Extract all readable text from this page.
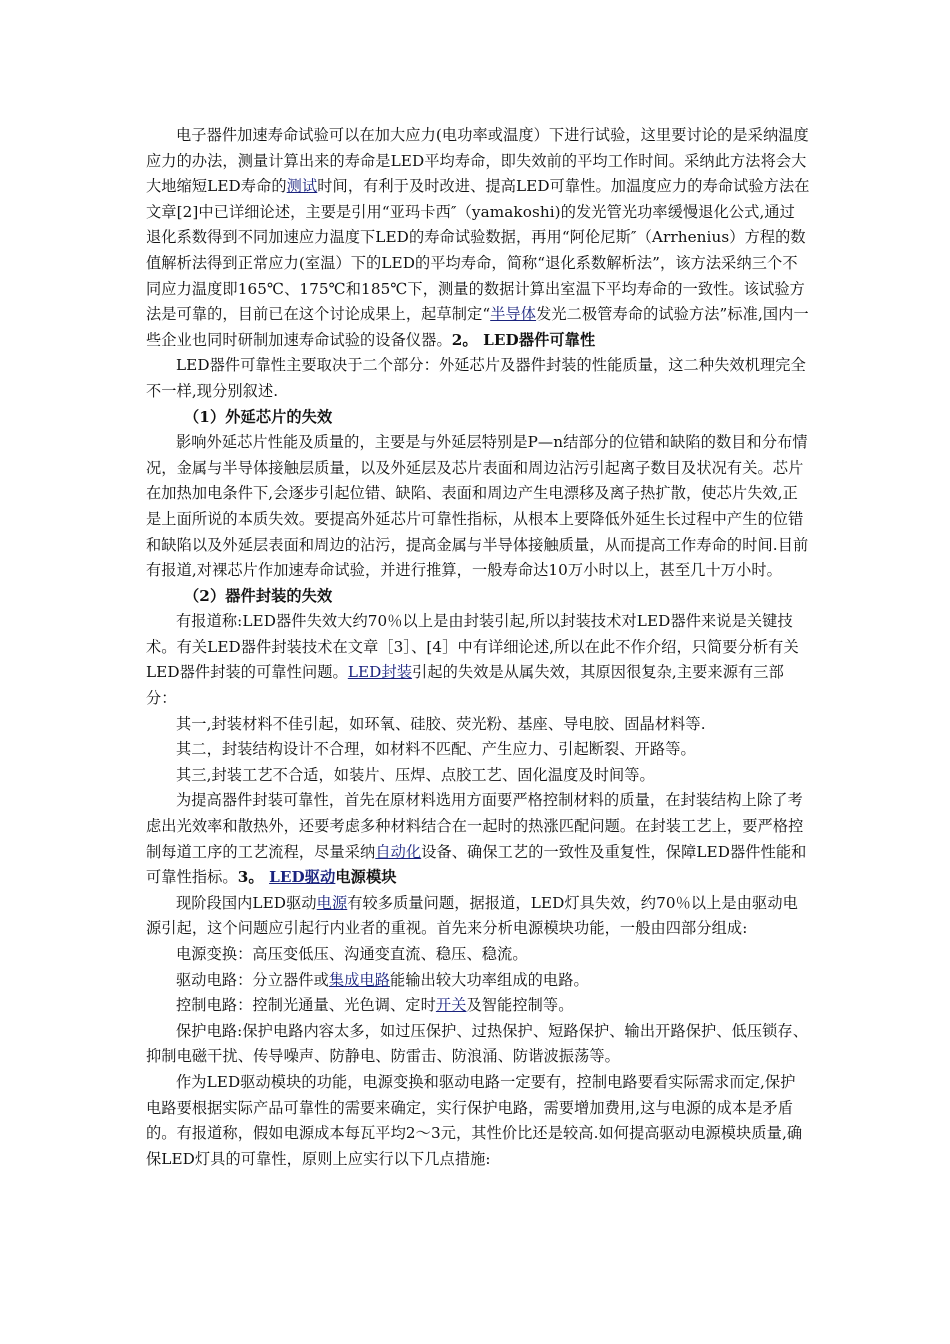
电子器件加速寿命试验可以在加大应力(电功率或温度）下进行试验，这里要讨论的是采纳温度应力的办法，测量计算出来的寿命是LED平均寿命，即失效前的平均工作时间。采纳此方法将会大大地缩短LED寿命的测试时间，有利于及时改进、提高LED可靠性。加温度应力的寿命试验方法在文章[2]中已详细论述，主要是引用“亚玛卡西″（yamakoshi)的发光管光功率缓慢退化公式,通过退化系数得到不同加速应力温度下LED的寿命试验数据，再用“阿伦尼斯″（Arrhenius）方程的数值解析法得到正常应力(室温）下的LED的平均寿命，简称“退化系数解析法”，该方法采纳三个不同应力温度即165℃、175℃和185℃下，测量的数据计算出室温下平均寿命的一致性。该试验方法是可靠的，目前已在这个讨论成果上，起草制定“半导体发光二极管寿命的试验方法”标准,国内一些企业也同时研制加速寿命试验的设备仪器。2。 LED器件可靠性

LED器件可靠性主要取决于二个部分：外延芯片及器件封装的性能质量，这二种失效机理完全不一样,现分别叙述.

（1）外延芯片的失效

影响外延芯片性能及质量的，主要是与外延层特别是P—n结部分的位错和缺陷的数目和分布情况，金属与半导体接触层质量，以及外延层及芯片表面和周边沾污引起离子数目及状况有关。芯片在加热加电条件下,会逐步引起位错、缺陷、表面和周边产生电漂移及离子热扩散，使芯片失效,正是上面所说的本质失效。要提高外延芯片可靠性指标，从根本上要降低外延生长过程中产生的位错和缺陷以及外延层表面和周边的沾污，提高金属与半导体接触质量，从而提高工作寿命的时间.目前有报道,对裸芯片作加速寿命试验，并进行推算，一般寿命达10万小时以上，甚至几十万小时。

（2）器件封装的失效

有报道称:LED器件失效大约70％以上是由封装引起,所以封装技术对LED器件来说是关键技术。有关LED器件封装技术在文章［3］、[4］中有详细论述,所以在此不作介绍，只简要分析有关LED器件封装的可靠性问题。LED封装引起的失效是从属失效，其原因很复杂,主要来源有三部分：

其一,封装材料不佳引起，如环氧、硅胶、荧光粉、基座、导电胶、固晶材料等.

其二，封装结构设计不合理，如材料不匹配、产生应力、引起断裂、开路等。

其三,封装工艺不合适，如装片、压焊、点胶工艺、固化温度及时间等。

为提高器件封装可靠性，首先在原材料选用方面要严格控制材料的质量，在封装结构上除了考虑出光效率和散热外，还要考虑多种材料结合在一起时的热涨匹配问题。在封装工艺上，要严格控制每道工序的工艺流程，尽量采纳自动化设备、确保工艺的一致性及重复性，保障LED器件性能和可靠性指标。3。 LED驱动电源模块

现阶段国内LED驱动电源有较多质量问题，据报道，LED灯具失效，约70％以上是由驱动电源引起，这个问题应引起行内业者的重视。首先来分析电源模块功能，一般由四部分组成:

电源变换：高压变低压、沟通变直流、稳压、稳流。

驱动电路：分立器件或集成电路能输出较大功率组成的电路。

控制电路：控制光通量、光色调、定时开关及智能控制等。

保护电路:保护电路内容太多，如过压保护、过热保护、短路保护、输出开路保护、低压锁存、抑制电磁干扰、传导噪声、防静电、防雷击、防浪涌、防谐波振荡等。

作为LED驱动模块的功能，电源变换和驱动电路一定要有，控制电路要看实际需求而定,保护电路要根据实际产品可靠性的需要来确定，实行保护电路，需要增加费用,这与电源的成本是矛盾的。有报道称，假如电源成本每瓦平均2～3元，其性价比还是较高.如何提高驱动电源模块质量,确保LED灯具的可靠性，原则上应实行以下几点措施:
